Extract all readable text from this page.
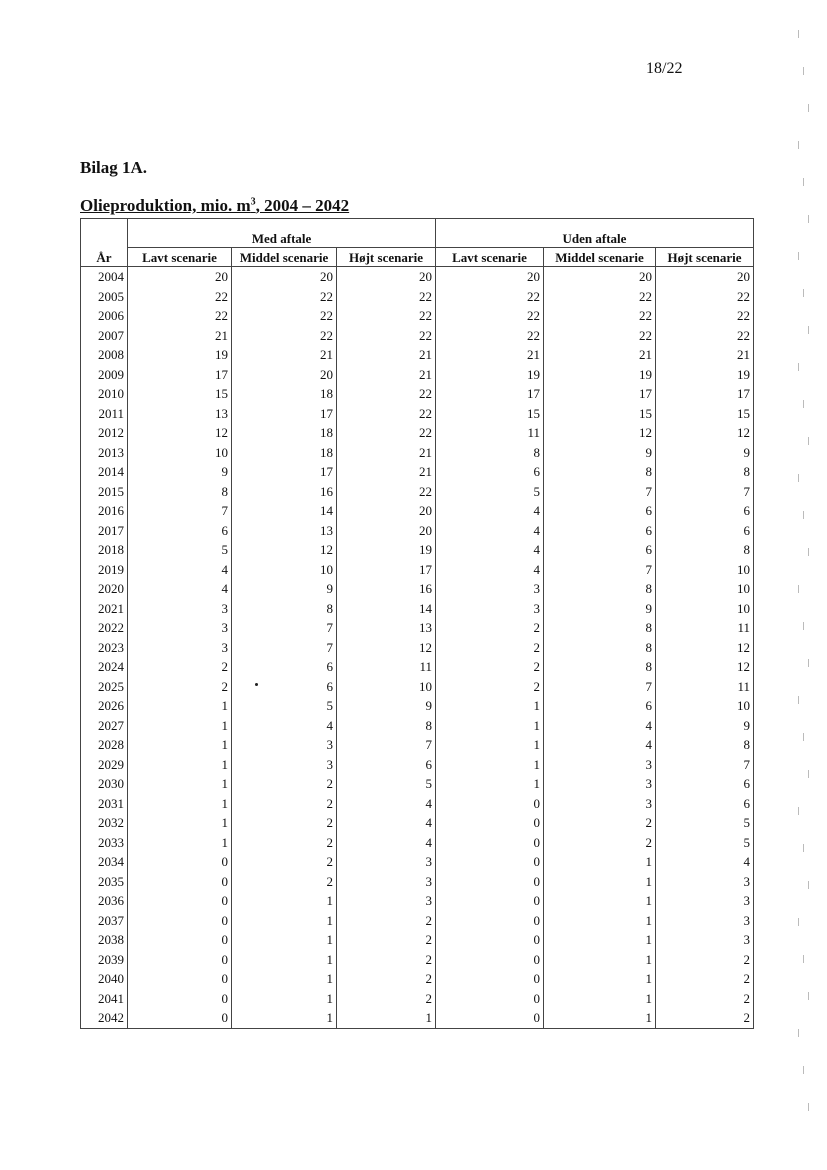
18/22
Bilag 1A.
Olieproduktion, mio. $m^3$, 2004 – 2042
År	Med aftale			Uden aftale		
	Lavt scenarie	Middel scenarie	Højt scenarie	Lavt scenarie	Middel scenarie	Højt scenarie
2004	20	20	20	20	20	20
2005	22	22	22	22	22	22
2006	22	22	22	22	22	22
2007	21	22	22	22	22	22
2008	19	21	21	21	21	21
2009	17	20	21	19	19	19
2010	15	18	22	17	17	17
2011	13	17	22	15	15	15
2012	12	18	22	11	12	12
2013	10	18	21	8	9	9
2014	9	17	21	6	8	8
2015	8	16	22	5	7	7
2016	7	14	20	4	6	6
2017	6	13	20	4	6	6
2018	5	12	19	4	6	8
2019	4	10	17	4	7	10
2020	4	9	16	3	8	10
2021	3	8	14	3	9	10
2022	3	7	13	2	8	11
2023	3	7	12	2	8	12
2024	2	6	11	2	8	12
2025	2	6	10	2	7	11
2026	1	5	9	1	6	10
2027	1	4	8	1	4	9
2028	1	3	7	1	4	8
2029	1	3	6	1	3	7
2030	1	2	5	1	3	6
2031	1	2	4	0	3	6
2032	1	2	4	0	2	5
2033	1	2	4	0	2	5
2034	0	2	3	0	1	4
2035	0	2	3	0	1	3
2036	0	1	3	0	1	3
2037	0	1	2	0	1	3
2038	0	1	2	0	1	3
2039	0	1	2	0	1	2
2040	0	1	2	0	1	2
2041	0	1	2	0	1	2
2042	0	1	1	0	1	2
